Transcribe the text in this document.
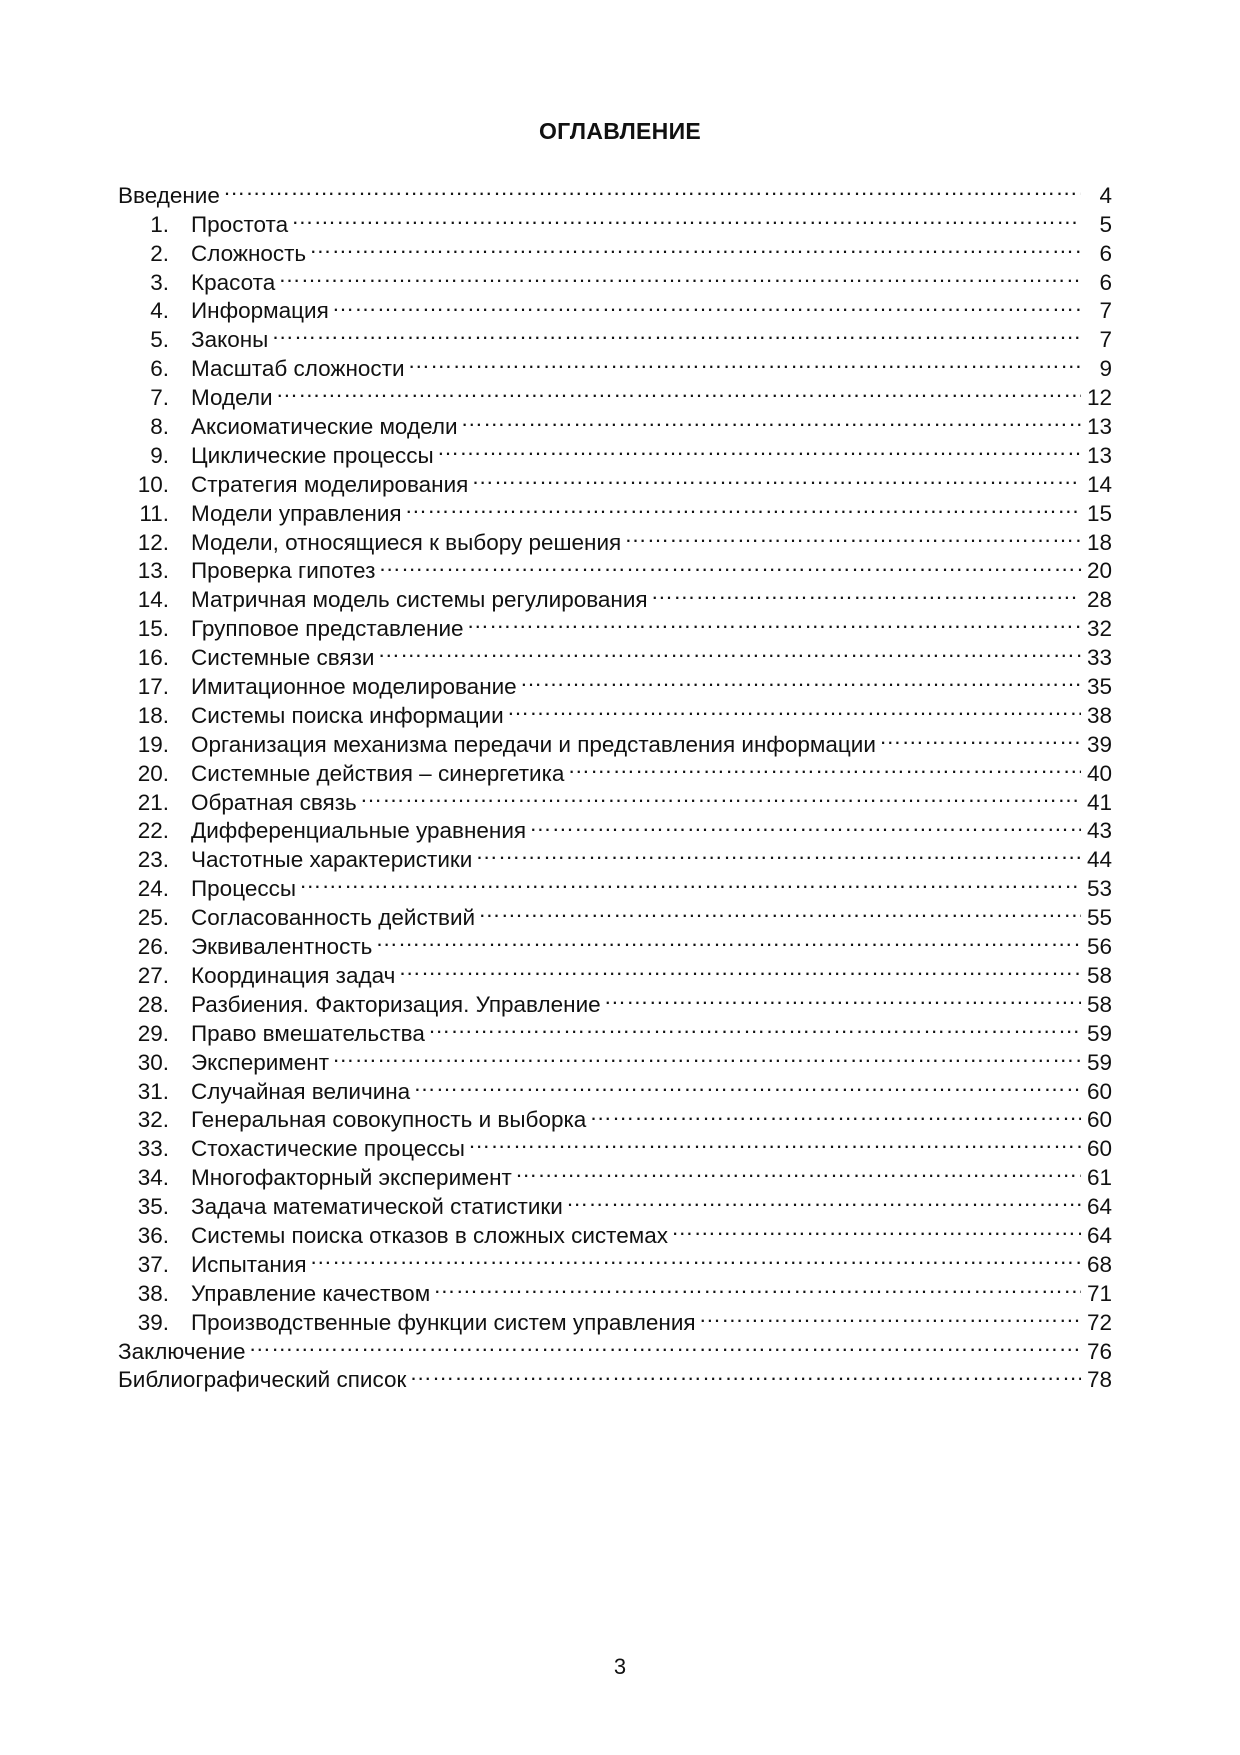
ОГЛАВЛЕНИЕ
Введение ……………………………………………………………………………………………………………………………………………………………………………………………………	4
1. Простота ……………………………………………………………………………………………………………………………………………………………………………………………………	5
2. Сложность ……………………………………………………………………………………………………………………………………………………………………………………………………	6
3. Красота ……………………………………………………………………………………………………………………………………………………………………………………………………	6
4. Информация ……………………………………………………………………………………………………………………………………………………………………………………………………	7
5. Законы ……………………………………………………………………………………………………………………………………………………………………………………………………	7
6. Масштаб сложности ……………………………………………………………………………………………………………………………………………………………………………………………………	9
7. Модели ……………………………………………………………………………………………………………………………………………………………………………………………………	12
8. Аксиоматические модели ……………………………………………………………………………………………………………………………………………………………………………………………………	13
9. Циклические процессы ……………………………………………………………………………………………………………………………………………………………………………………………………	13
10. Стратегия моделирования ……………………………………………………………………………………………………………………………………………………………………………………………………	14
11. Модели управления ……………………………………………………………………………………………………………………………………………………………………………………………………	15
12. Модели, относящиеся к выбору решения ……………………………………………………………………………………………………………………………………………………………………………………………………	18
13. Проверка гипотез ……………………………………………………………………………………………………………………………………………………………………………………………………	20
14. Матричная модель системы регулирования ……………………………………………………………………………………………………………………………………………………………………………………………………	28
15. Групповое представление ……………………………………………………………………………………………………………………………………………………………………………………………………	32
16. Системные связи ……………………………………………………………………………………………………………………………………………………………………………………………………	33
17. Имитационное моделирование ……………………………………………………………………………………………………………………………………………………………………………………………………	35
18. Системы поиска информации ……………………………………………………………………………………………………………………………………………………………………………………………………	38
19. Организация механизма передачи и представления информации ……………………………………………………………………………………………………………………………………………………………………………………………………	39
20. Системные действия – синергетика ……………………………………………………………………………………………………………………………………………………………………………………………………	40
21. Обратная связь ……………………………………………………………………………………………………………………………………………………………………………………………………	41
22. Дифференциальные уравнения ……………………………………………………………………………………………………………………………………………………………………………………………………	43
23. Частотные характеристики ……………………………………………………………………………………………………………………………………………………………………………………………………	44
24. Процессы ……………………………………………………………………………………………………………………………………………………………………………………………………	53
25. Согласованность действий ……………………………………………………………………………………………………………………………………………………………………………………………………	55
26. Эквивалентность ……………………………………………………………………………………………………………………………………………………………………………………………………	56
27. Координация задач ……………………………………………………………………………………………………………………………………………………………………………………………………	58
28. Разбиения. Факторизация. Управление ……………………………………………………………………………………………………………………………………………………………………………………………………	58
29. Право вмешательства ……………………………………………………………………………………………………………………………………………………………………………………………………	59
30. Эксперимент ……………………………………………………………………………………………………………………………………………………………………………………………………	59
31. Случайная величина ……………………………………………………………………………………………………………………………………………………………………………………………………	60
32. Генеральная совокупность и выборка ……………………………………………………………………………………………………………………………………………………………………………………………………	60
33. Стохастические процессы ……………………………………………………………………………………………………………………………………………………………………………………………………	60
34. Многофакторный эксперимент ……………………………………………………………………………………………………………………………………………………………………………………………………	61
35. Задача математической статистики ……………………………………………………………………………………………………………………………………………………………………………………………………	64
36. Системы поиска отказов в сложных системах ……………………………………………………………………………………………………………………………………………………………………………………………………	64
37. Испытания ……………………………………………………………………………………………………………………………………………………………………………………………………	68
38. Управление качеством ……………………………………………………………………………………………………………………………………………………………………………………………………	71
39. Производственные функции систем управления ……………………………………………………………………………………………………………………………………………………………………………………………………	72
Заключение ……………………………………………………………………………………………………………………………………………………………………………………………………	76
Библиографический список ……………………………………………………………………………………………………………………………………………………………………………………………………	78
3
